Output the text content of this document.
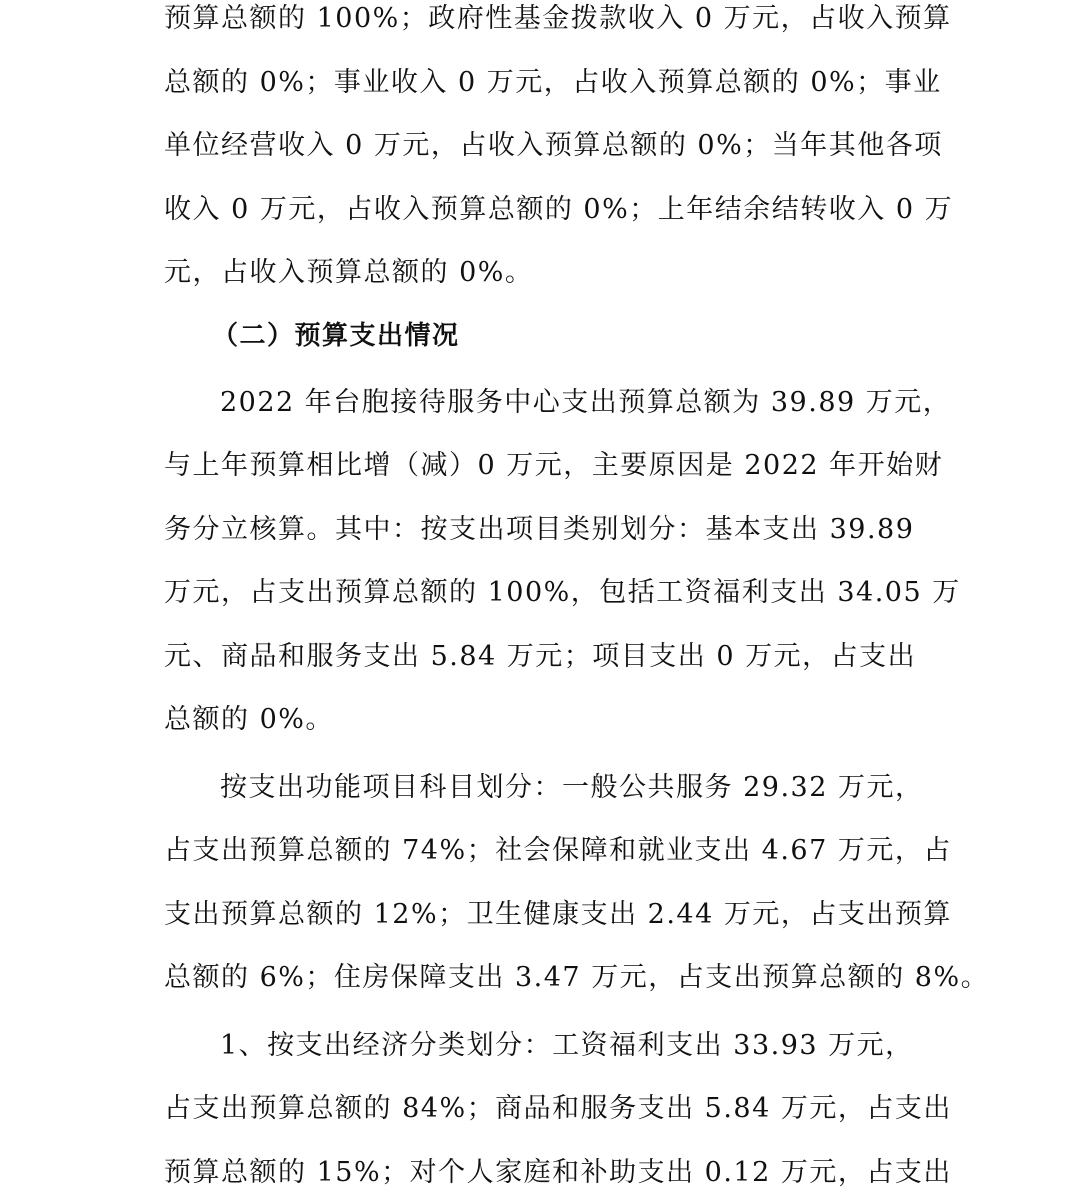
预算总额的 100%；政府性基金拨款收入 0 万元，占收入预算
总额的 0%；事业收入 0 万元，占收入预算总额的 0%；事业
单位经营收入 0 万元，占收入预算总额的 0%；当年其他各项
收入 0 万元，占收入预算总额的 0%；上年结余结转收入 0 万
元，占收入预算总额的 0%。
（二）预算支出情况
2022 年台胞接待服务中心支出预算总额为 39.89 万元，
与上年预算相比增（减）0 万元，主要原因是 2022 年开始财
务分立核算。其中：按支出项目类别划分：基本支出 39.89
万元，占支出预算总额的 100%，包括工资福利支出 34.05 万
元、商品和服务支出 5.84 万元；项目支出 0 万元，占支出
总额的 0%。
按支出功能项目科目划分：一般公共服务 29.32 万元，
占支出预算总额的 74%；社会保障和就业支出 4.67 万元，占
支出预算总额的 12%；卫生健康支出 2.44 万元，占支出预算
总额的 6%；住房保障支出 3.47 万元，占支出预算总额的 8%。
1、按支出经济分类划分：工资福利支出 33.93 万元，
占支出预算总额的 84%；商品和服务支出 5.84 万元，占支出
预算总额的 15%；对个人家庭和补助支出 0.12 万元，占支出
